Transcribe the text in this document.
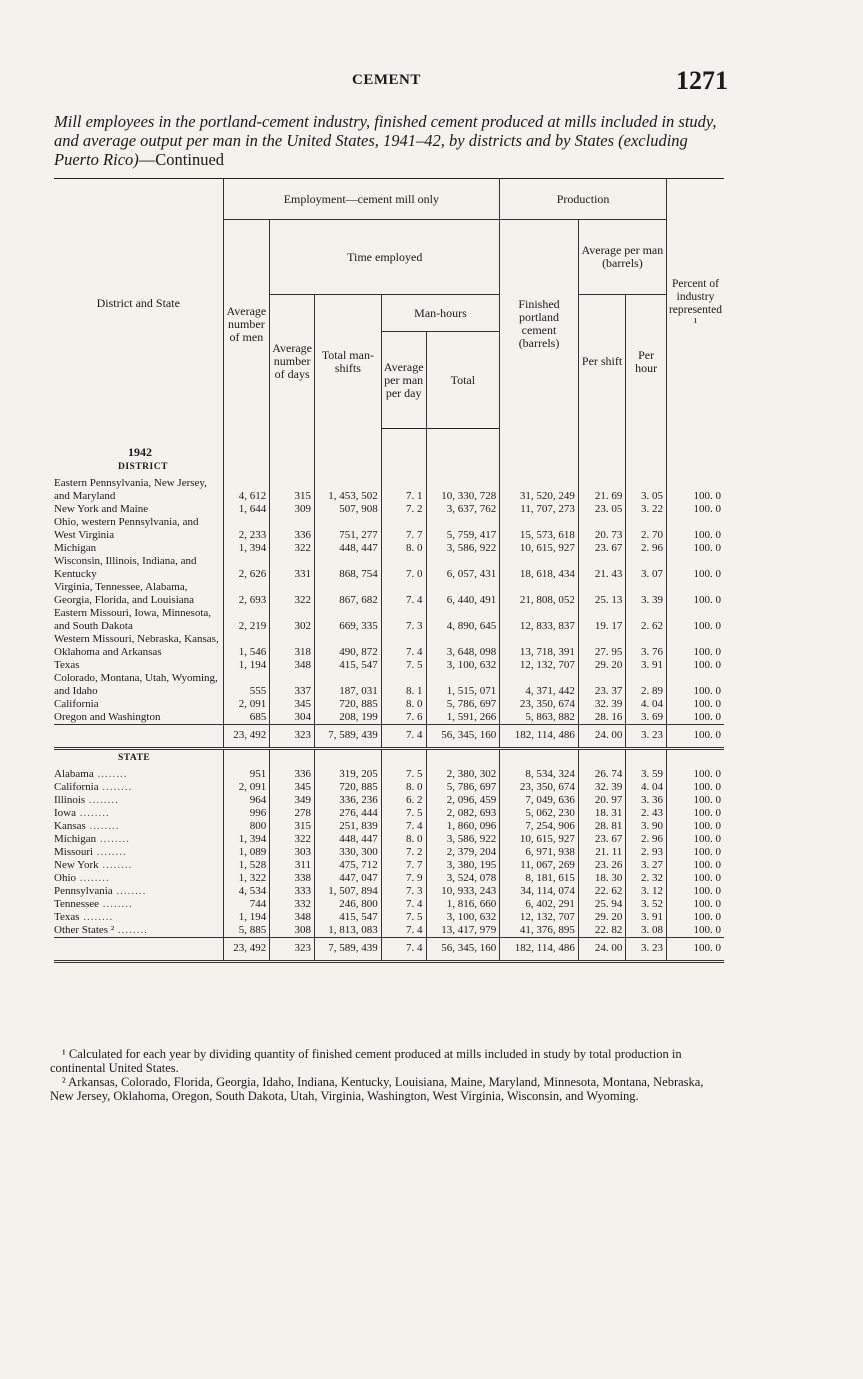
CEMENT	1271
Mill employees in the portland-cement industry, finished cement produced at mills included in study, and average output per man in the United States, 1941–42, by districts and by States (excluding Puerto Rico)—Continued
District and State	Employment—cement mill only					Production			Percent of industry represented ¹
	Average number of men	Time employed				Finished portland cement (barrels)	Average per man (barrels)		
		Average number of days	Total man-shifts	Man-hours			Per shift	Per hour	
				Average per man per day	Total				
1942									
DISTRICT									
Eastern Pennsylvania, New Jersey, and Maryland	4, 612	315	1, 453, 502	7. 1	10, 330, 728	31, 520, 249	21. 69	3. 05	100. 0
New York and Maine	1, 644	309	507, 908	7. 2	3, 637, 762	11, 707, 273	23. 05	3. 22	100. 0
Ohio, western Pennsylvania, and West Virginia	2, 233	336	751, 277	7. 7	5, 759, 417	15, 573, 618	20. 73	2. 70	100. 0
Michigan	1, 394	322	448, 447	8. 0	3, 586, 922	10, 615, 927	23. 67	2. 96	100. 0
Wisconsin, Illinois, Indiana, and Kentucky	2, 626	331	868, 754	7. 0	6, 057, 431	18, 618, 434	21. 43	3. 07	100. 0
Virginia, Tennessee, Alabama, Georgia, Florida, and Louisiana	2, 693	322	867, 682	7. 4	6, 440, 491	21, 808, 052	25. 13	3. 39	100. 0
Eastern Missouri, Iowa, Minnesota, and South Dakota	2, 219	302	669, 335	7. 3	4, 890, 645	12, 833, 837	19. 17	2. 62	100. 0
Western Missouri, Nebraska, Kansas, Oklahoma and Arkansas	1, 546	318	490, 872	7. 4	3, 648, 098	13, 718, 391	27. 95	3. 76	100. 0
Texas	1, 194	348	415, 547	7. 5	3, 100, 632	12, 132, 707	29. 20	3. 91	100. 0
Colorado, Montana, Utah, Wyoming, and Idaho	555	337	187, 031	8. 1	1, 515, 071	4, 371, 442	23. 37	2. 89	100. 0
California	2, 091	345	720, 885	8. 0	5, 786, 697	23, 350, 674	32. 39	4. 04	100. 0
Oregon and Washington	685	304	208, 199	7. 6	1, 591, 266	5, 863, 882	28. 16	3. 69	100. 0
	23, 492	323	7, 589, 439	7. 4	56, 345, 160	182, 114, 486	24. 00	3. 23	100. 0
STATE									
Alabama .....	951	336	319, 205	7. 5	2, 380, 302	8, 534, 324	26. 74	3. 59	100. 0
California .....	2, 091	345	720, 885	8. 0	5, 786, 697	23, 350, 674	32. 39	4. 04	100. 0
Illinois .....	964	349	336, 236	6. 2	2, 096, 459	7, 049, 636	20. 97	3. 36	100. 0
Iowa .....	996	278	276, 444	7. 5	2, 082, 693	5, 062, 230	18. 31	2. 43	100. 0
Kansas .....	800	315	251, 839	7. 4	1, 860, 096	7, 254, 906	28. 81	3. 90	100. 0
Michigan .....	1, 394	322	448, 447	8. 0	3, 586, 922	10, 615, 927	23. 67	2. 96	100. 0
Missouri .....	1, 089	303	330, 300	7. 2	2, 379, 204	6, 971, 938	21. 11	2. 93	100. 0
New York .....	1, 528	311	475, 712	7. 7	3, 380, 195	11, 067, 269	23. 26	3. 27	100. 0
Ohio .....	1, 322	338	447, 047	7. 9	3, 524, 078	8, 181, 615	18. 30	2. 32	100. 0
Pennsylvania .....	4, 534	333	1, 507, 894	7. 3	10, 933, 243	34, 114, 074	22. 62	3. 12	100. 0
Tennessee .....	744	332	246, 800	7. 4	1, 816, 660	6, 402, 291	25. 94	3. 52	100. 0
Texas .....	1, 194	348	415, 547	7. 5	3, 100, 632	12, 132, 707	29. 20	3. 91	100. 0
Other States ² .....	5, 885	308	1, 813, 083	7. 4	13, 417, 979	41, 376, 895	22. 82	3. 08	100. 0
	23, 492	323	7, 589, 439	7. 4	56, 345, 160	182, 114, 486	24. 00	3. 23	100. 0

¹ Calculated for each year by dividing quantity of finished cement produced at mills included in study by total production in continental United States.

² Arkansas, Colorado, Florida, Georgia, Idaho, Indiana, Kentucky, Louisiana, Maine, Maryland, Minnesota, Montana, Nebraska, New Jersey, Oklahoma, Oregon, South Dakota, Utah, Virginia, Washington, West Virginia, Wisconsin, and Wyoming.
